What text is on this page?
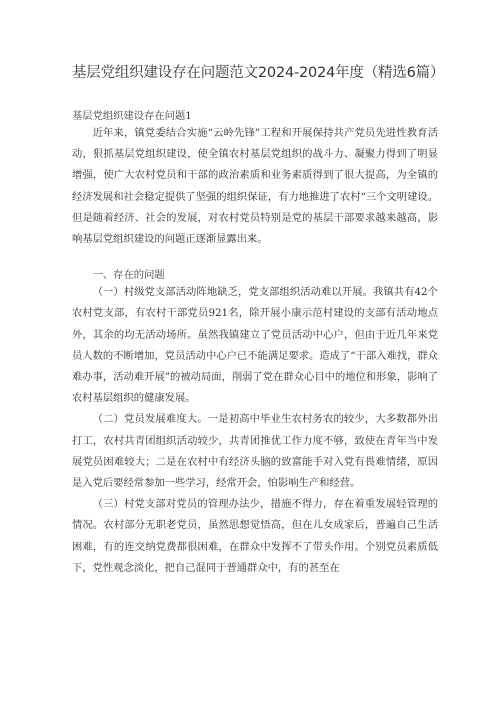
基层党组织建设存在问题范文2024-2024年度（精选6篇）
基层党组织建设存在问题1

近年来，镇党委结合实施“云岭先锋”工程和开展保持共产党员先进性教育活动，狠抓基层党组织建设，使全镇农村基层党组织的战斗力、凝聚力得到了明显增强，使广大农村党员和干部的政治素质和业务素质得到了很大提高，为全镇的经济发展和社会稳定提供了坚强的组织保证，有力地推进了农村“三个文明建设。但是随着经济、社会的发展，对农村党员特别是党的基层干部要求越来越高，影响基层党组织建设的问题正逐渐显露出来。

一、存在的问题

（一）村级党支部活动阵地缺乏，党支部组织活动难以开展。我镇共有42个农村党支部，有农村干部党员921名，除开展小康示范村建设的支部有活动地点外，其余的均无活动场所。虽然我镇建立了党员活动中心户，但由于近几年来党员人数的不断增加，党员活动中心户已不能满足要求。造成了“干部入难找，群众难办事，活动难开展”的被动局面，削弱了党在群众心目中的地位和形象，影响了农村基层组织的健康发展。

（二）党员发展难度大。一是初高中毕业生农村务农的较少，大多数都外出打工，农村共青团组织活动较少，共青团推优工作力度不够，致使在青年当中发展党员困难较大；二是在农村中有经济头脑的致富能手对入党有畏难情绪，原因是入党后要经常参加一些学习，经常开会，怕影响生产和经营。

（三）村党支部对党员的管理办法少，措施不得力，存在着重发展轻管理的情况。农村部分无职老党员，虽然思想觉悟高，但在儿女成家后，普遍自己生活困难，有的连交纳党费都很困难，在群众中发挥不了带头作用。个别党员素质低下，党性观念淡化，把自己混同于普通群众中，有的甚至在
